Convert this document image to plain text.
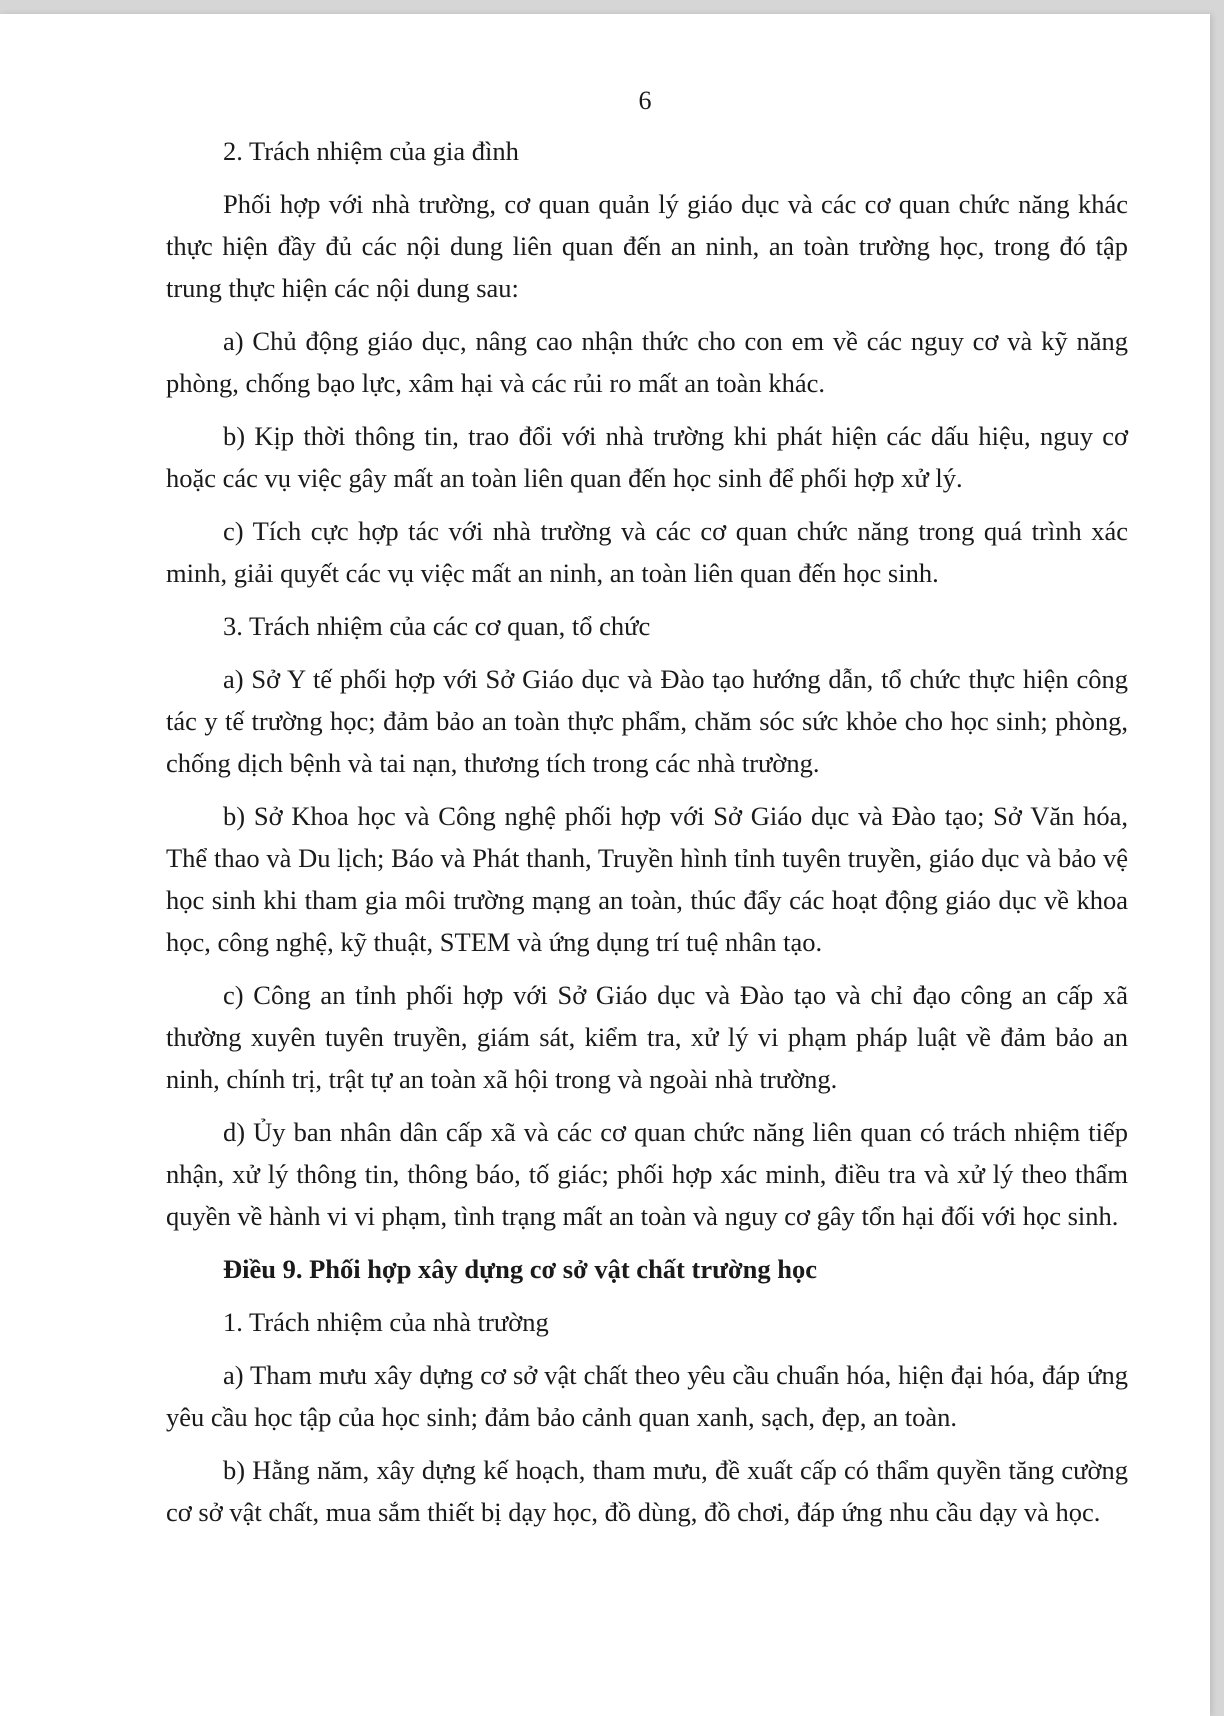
6

2. Trách nhiệm của gia đình

Phối hợp với nhà trường, cơ quan quản lý giáo dục và các cơ quan chức năng khác thực hiện đầy đủ các nội dung liên quan đến an ninh, an toàn trường học, trong đó tập trung thực hiện các nội dung sau:

a) Chủ động giáo dục, nâng cao nhận thức cho con em về các nguy cơ và kỹ năng phòng, chống bạo lực, xâm hại và các rủi ro mất an toàn khác.

b) Kịp thời thông tin, trao đổi với nhà trường khi phát hiện các dấu hiệu, nguy cơ hoặc các vụ việc gây mất an toàn liên quan đến học sinh để phối hợp xử lý.

c) Tích cực hợp tác với nhà trường và các cơ quan chức năng trong quá trình xác minh, giải quyết các vụ việc mất an ninh, an toàn liên quan đến học sinh.

3. Trách nhiệm của các cơ quan, tổ chức

a) Sở Y tế phối hợp với Sở Giáo dục và Đào tạo hướng dẫn, tổ chức thực hiện công tác y tế trường học; đảm bảo an toàn thực phẩm, chăm sóc sức khỏe cho học sinh; phòng, chống dịch bệnh và tai nạn, thương tích trong các nhà trường.

b) Sở Khoa học và Công nghệ phối hợp với Sở Giáo dục và Đào tạo; Sở Văn hóa, Thể thao và Du lịch; Báo và Phát thanh, Truyền hình tỉnh tuyên truyền, giáo dục và bảo vệ học sinh khi tham gia môi trường mạng an toàn, thúc đẩy các hoạt động giáo dục về khoa học, công nghệ, kỹ thuật, STEM và ứng dụng trí tuệ nhân tạo.

c) Công an tỉnh phối hợp với Sở Giáo dục và Đào tạo và chỉ đạo công an cấp xã thường xuyên tuyên truyền, giám sát, kiểm tra, xử lý vi phạm pháp luật về đảm bảo an ninh, chính trị, trật tự an toàn xã hội trong và ngoài nhà trường.

d) Ủy ban nhân dân cấp xã và các cơ quan chức năng liên quan có trách nhiệm tiếp nhận, xử lý thông tin, thông báo, tố giác; phối hợp xác minh, điều tra và xử lý theo thẩm quyền về hành vi vi phạm, tình trạng mất an toàn và nguy cơ gây tổn hại đối với học sinh.

Điều 9. Phối hợp xây dựng cơ sở vật chất trường học

1. Trách nhiệm của nhà trường

a) Tham mưu xây dựng cơ sở vật chất theo yêu cầu chuẩn hóa, hiện đại hóa, đáp ứng yêu cầu học tập của học sinh; đảm bảo cảnh quan xanh, sạch, đẹp, an toàn.

b) Hằng năm, xây dựng kế hoạch, tham mưu, đề xuất cấp có thẩm quyền tăng cường cơ sở vật chất, mua sắm thiết bị dạy học, đồ dùng, đồ chơi, đáp ứng nhu cầu dạy và học.
